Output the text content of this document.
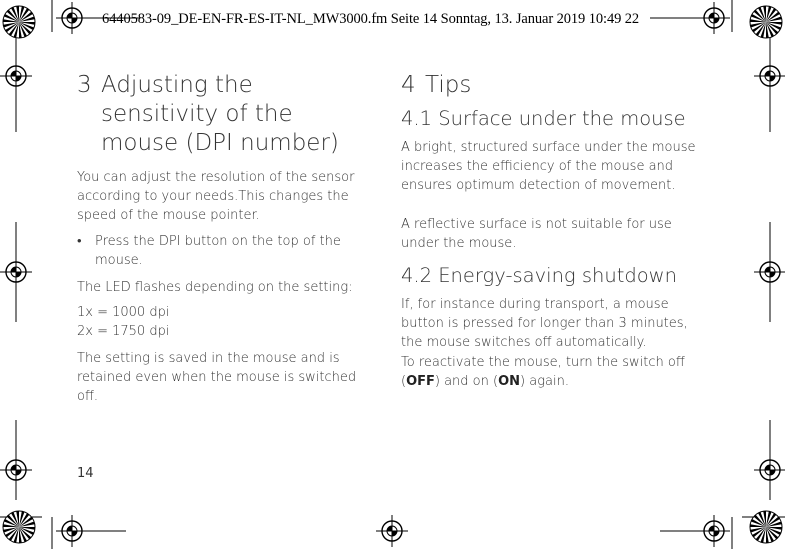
6440583-09_DE-EN-FR-ES-IT-NL_MW3000.fm Seite 14 Sonntag, 13. Januar 2019 10:49 22
3 Adjusting the sensitivity of the mouse (DPI number)
You can adjust the resolution of the sensor according to your needs.This changes the speed of the mouse pointer.
• Press the DPI button on the top of the mouse.
The LED flashes depending on the setting:
1x = 1000 dpi
2x = 1750 dpi
The setting is saved in the mouse and is retained even when the mouse is switched off.
4 Tips
4.1 Surface under the mouse
A bright, structured surface under the mouse increases the efficiency of the mouse and ensures optimum detection of movement.
A reflective surface is not suitable for use under the mouse.
4.2 Energy-saving shutdown
If, for instance during transport, a mouse button is pressed for longer than 3 minutes, the mouse switches off automatically.
To reactivate the mouse, turn the switch off (OFF) and on (ON) again.
14
